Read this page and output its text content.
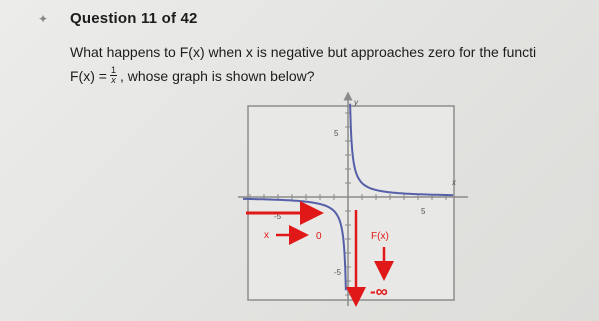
✦ Question 11 of 42
What happens to F(x) when x is negative but approaches zero for the functi
$F(x) = \frac{1}{x}$ , whose graph is shown below?
x
y
5
-5
5
-5
x	0	F(x)
-∞
